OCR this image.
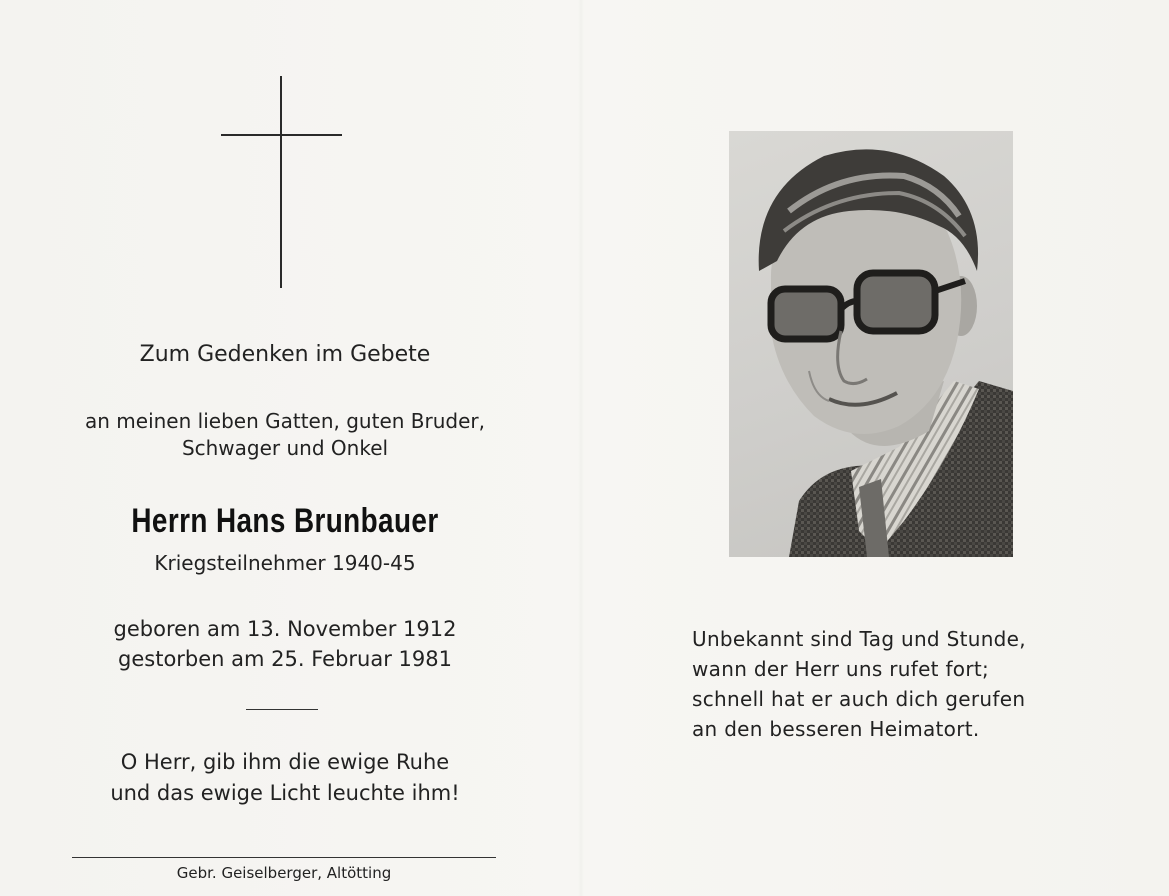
Zum Gedenken im Gebete
an meinen lieben Gatten, guten Bruder,
Schwager und Onkel
Herrn Hans Brunbauer
Kriegsteilnehmer 1940-45
geboren am 13. November 1912
gestorben am 25. Februar 1981
O Herr, gib ihm die ewige Ruhe
und das ewige Licht leuchte ihm!
Gebr. Geiselberger, Altötting
Unbekannt sind Tag und Stunde,
wann der Herr uns rufet fort;
schnell hat er auch dich gerufen
an den besseren Heimatort.
